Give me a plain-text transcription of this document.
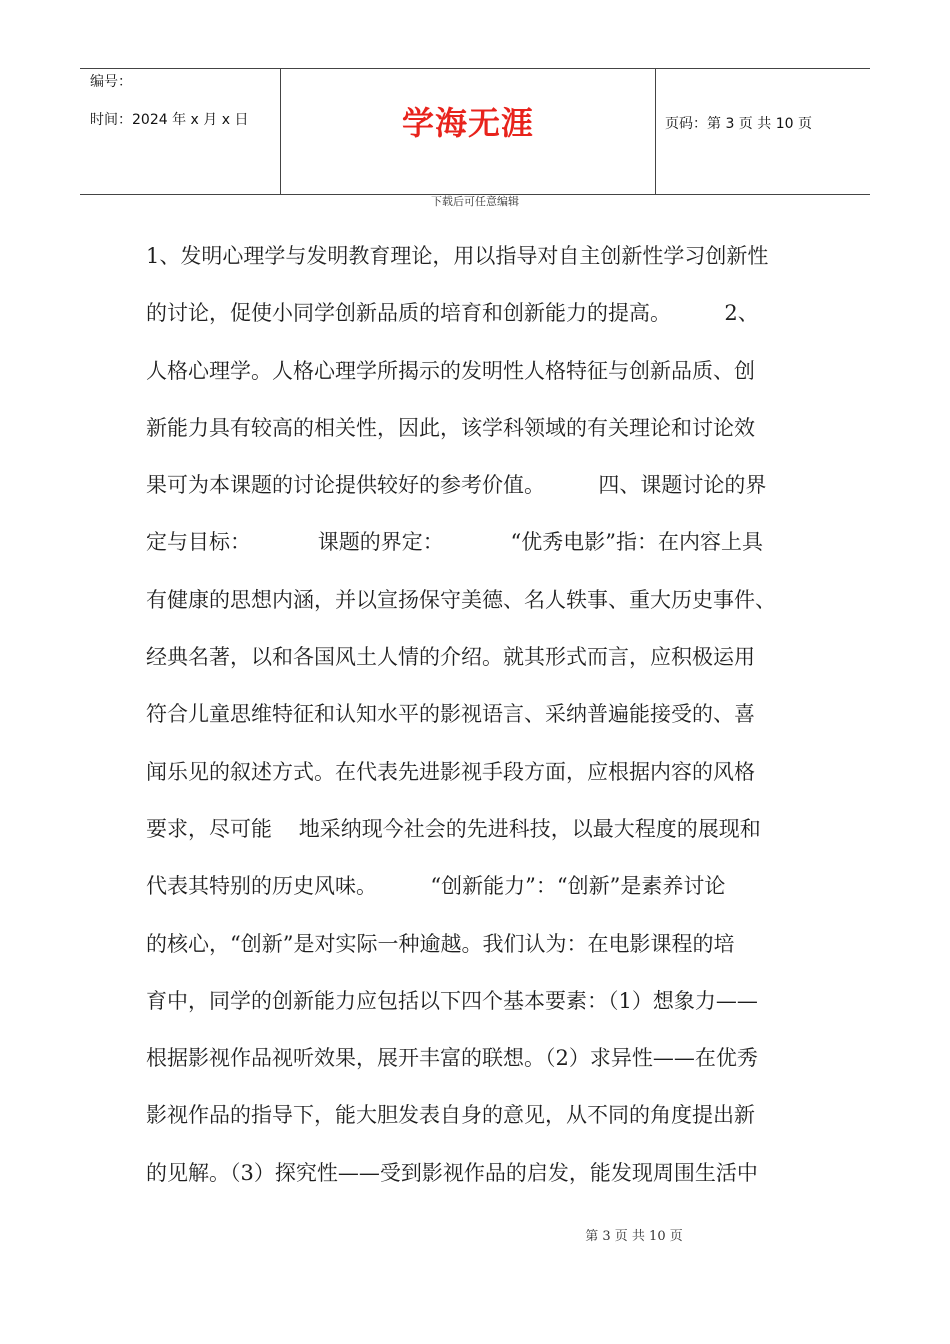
编号：
时间：2024 年 x 月 x 日	学海无涯	页码：第 3 页 共 10 页
下载后可任意编辑
1、发明心理学与发明教育理论，用以指导对自主创新性学习创新性
的讨论，促使小同学创新品质的培育和创新能力的提高。        2、
人格心理学。人格心理学所揭示的发明性人格特征与创新品质、创
新能力具有较高的相关性，因此，该学科领域的有关理论和讨论效
果可为本课题的讨论提供较好的参考价值。        四、课题讨论的界
定与目标：          课题的界定：          “优秀电影”指：在内容上具
有健康的思想内涵，并以宣扬保守美德、名人轶事、重大历史事件、
经典名著，以和各国风土人情的介绍。就其形式而言，应积极运用
符合儿童思维特征和认知水平的影视语言、采纳普遍能接受的、喜
闻乐见的叙述方式。在代表先进影视手段方面，应根据内容的风格
要求，尽可能    地采纳现今社会的先进科技，以最大程度的展现和
代表其特别的历史风味。        “创新能力”：“创新”是素养讨论
的核心，“创新”是对实际一种逾越。我们认为：在电影课程的培
育中，同学的创新能力应包括以下四个基本要素：（1）想象力——
根据影视作品视听效果，展开丰富的联想。（2）求异性——在优秀
影视作品的指导下，能大胆发表自身的意见，从不同的角度提出新
的见解。（3）探究性——受到影视作品的启发，能发现周围生活中
第 3 页 共 10 页
